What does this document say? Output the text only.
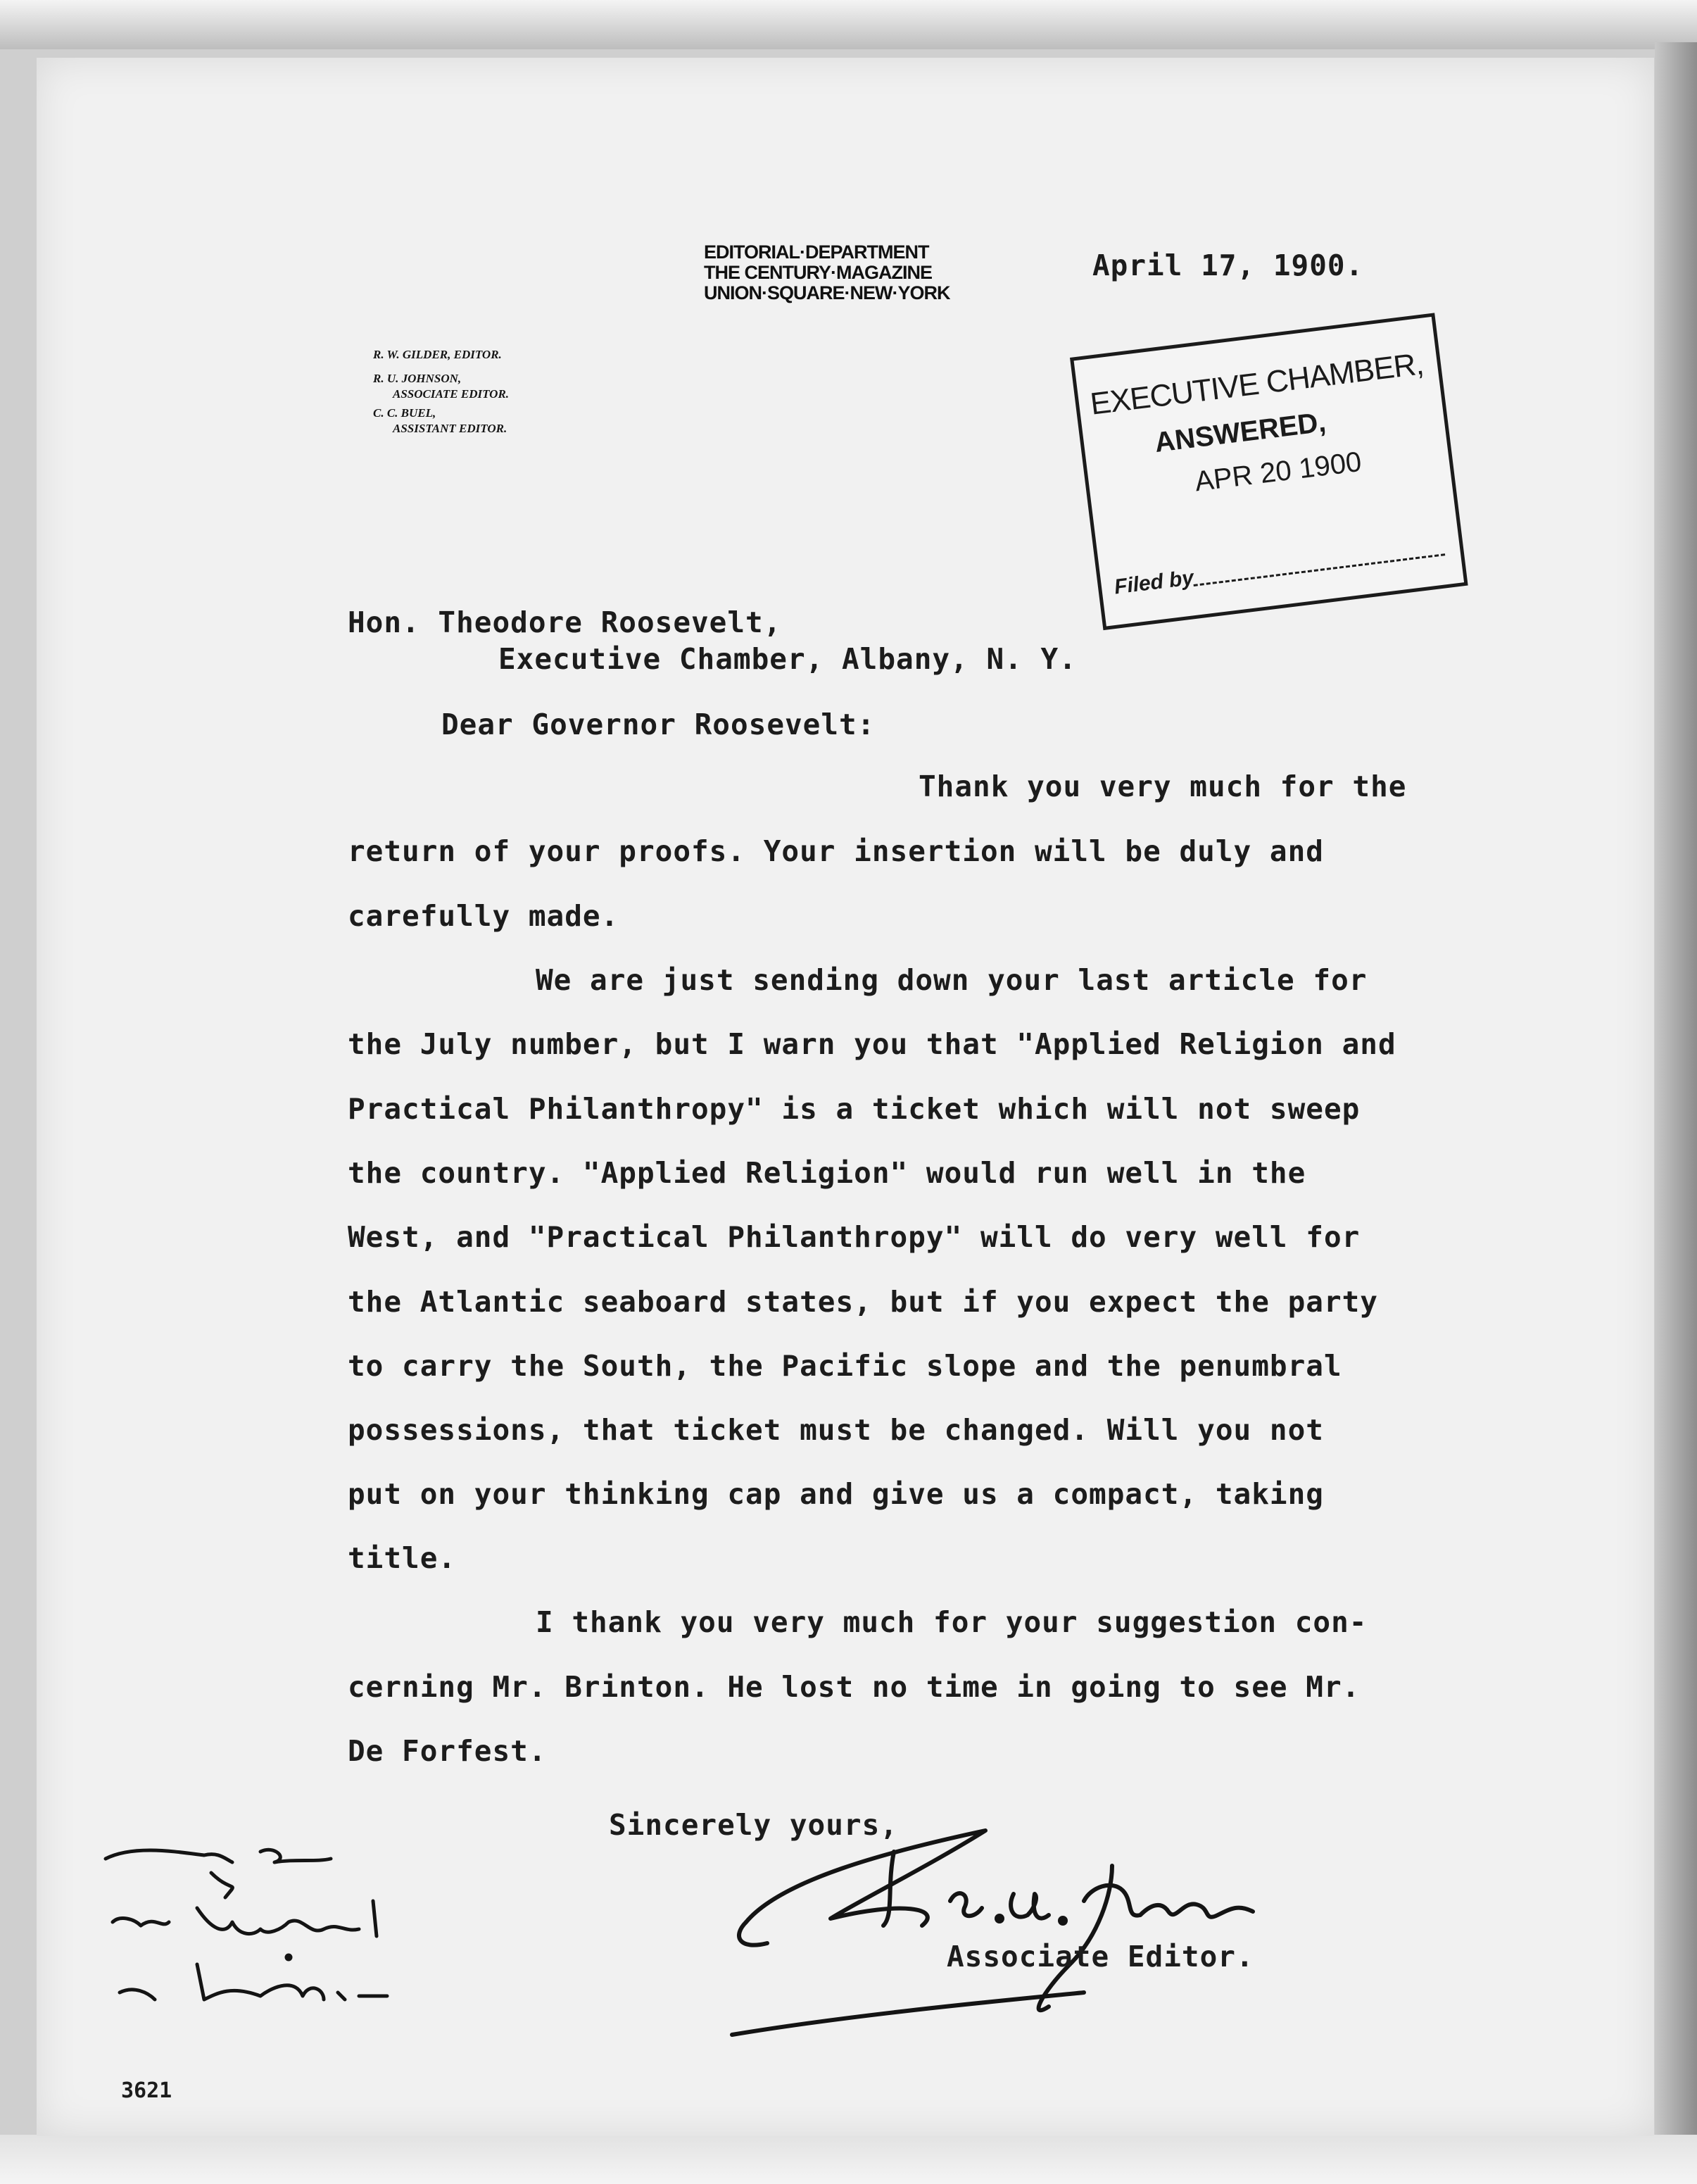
EDITORIAL·DEPARTMENT
THE CENTURY·MAGAZINE
UNION·SQUARE·NEW·YORK
R. W. GILDER, EDITOR.
R. U. JOHNSON,
ASSOCIATE EDITOR.
C. C. BUEL,
ASSISTANT EDITOR.
April 17, 1900.
EXECUTIVE CHAMBER,
ANSWERED,
APR 20 1900
Filed by
Hon. Theodore Roosevelt,
Executive Chamber, Albany, N. Y.
Dear Governor Roosevelt:
Thank you very much for the
return of your proofs. Your insertion will be duly and
carefully made.
We are just sending down your last article for
the July number, but I warn you that "Applied Religion and
Practical Philanthropy" is a ticket which will not sweep
the country. "Applied Religion" would run well in the
West, and "Practical Philanthropy" will do very well for
the Atlantic seaboard states, but if you expect the party
to carry the South, the Pacific slope and the penumbral
possessions, that ticket must be changed. Will you not
put on your thinking cap and give us a compact, taking
title.
I thank you very much for your suggestion con-
cerning Mr. Brinton. He lost no time in going to see Mr.
De Forfest.
Sincerely yours,
Associate Editor.
3621
